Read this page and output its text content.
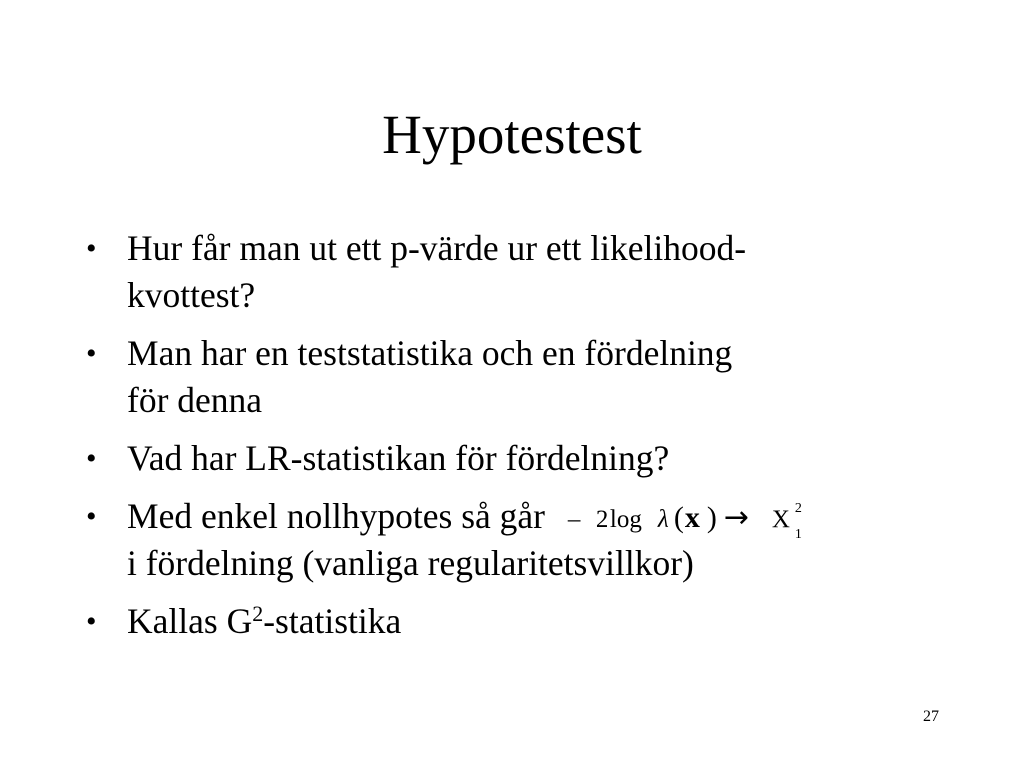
Hypotestest
• Hur får man ut ett p-värde ur ett likelihood-
kvottest?
• Man har en teststatistika och en fördelning
för denna
• Vad har LR-statistikan för fördelning?
• Med enkel nollhypotes så går – 2 log λ ( x ) → Χ 2
1
i fördelning (vanliga regularitetsvillkor)
• Kallas $G^2$-statistika
27
